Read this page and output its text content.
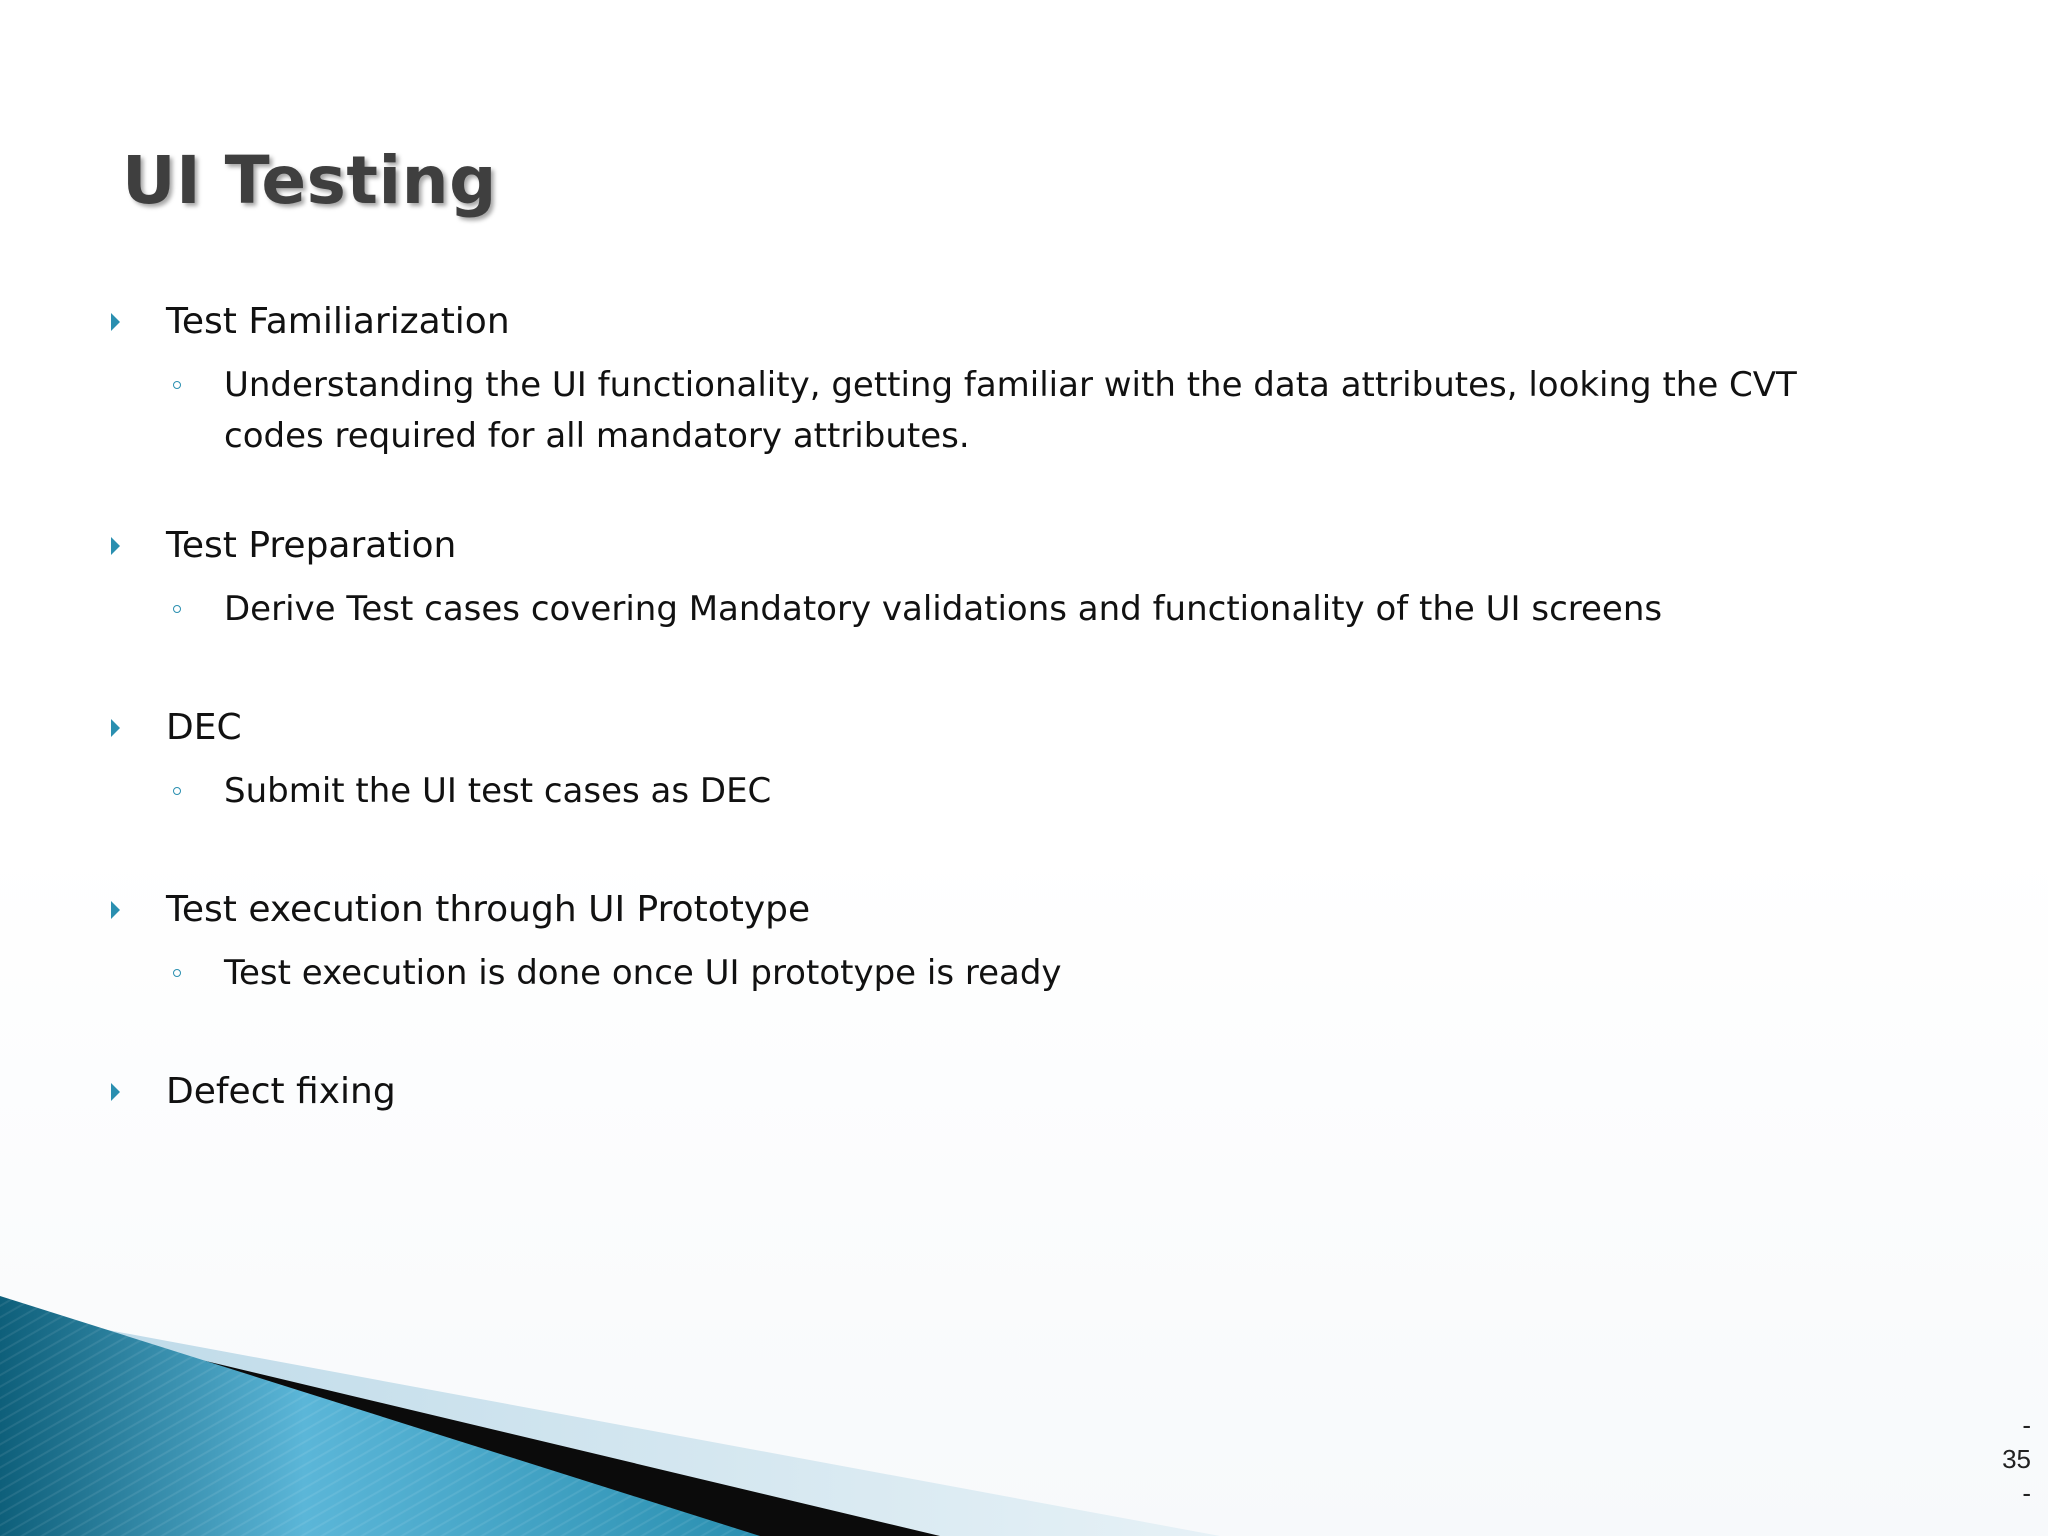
UI Testing
Test Familiarization
Understanding the UI functionality, getting familiar with the data attributes, looking the CVT codes required for all mandatory attributes.
Test Preparation
Derive Test cases covering Mandatory validations and functionality of the UI screens
DEC
Submit the UI test cases as DEC
Test execution through UI Prototype
Test execution is done once UI prototype is ready
Defect fixing
-
35
-
